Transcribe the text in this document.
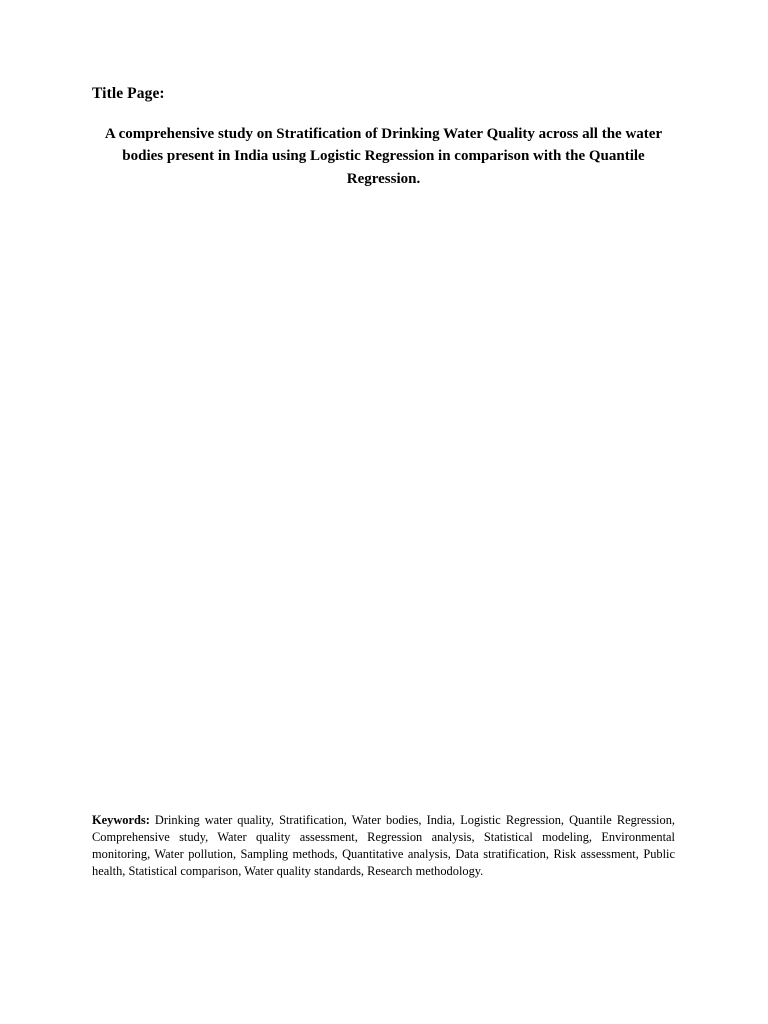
Title Page:
A comprehensive study on Stratification of Drinking Water Quality across all the water bodies present in India using Logistic Regression in comparison with the Quantile Regression.
Keywords: Drinking water quality, Stratification, Water bodies, India, Logistic Regression, Quantile Regression, Comprehensive study, Water quality assessment, Regression analysis, Statistical modeling, Environmental monitoring, Water pollution, Sampling methods, Quantitative analysis, Data stratification, Risk assessment, Public health, Statistical comparison, Water quality standards, Research methodology.
